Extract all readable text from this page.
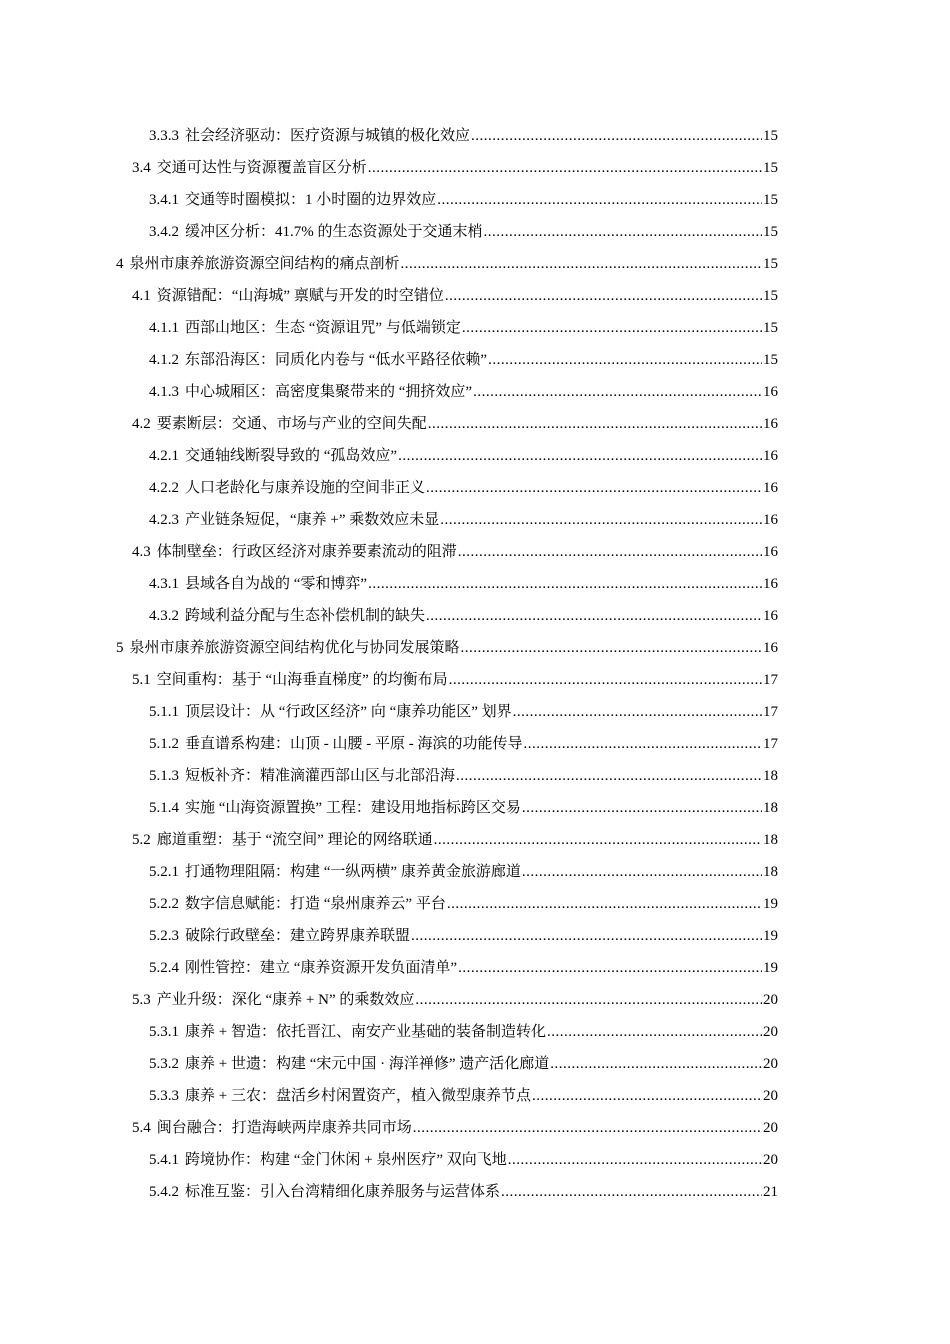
3.3.3 社会经济驱动：医疗资源与城镇的极化效应 .....	15
3.4 交通可达性与资源覆盖盲区分析 .....	15
3.4.1 交通等时圈模拟：1 小时圈的边界效应 .....	15
3.4.2 缓冲区分析：41.7% 的生态资源处于交通末梢 .....	15
4 泉州市康养旅游资源空间结构的痛点剖析 .....	15
4.1 资源错配：“山海城” 禀赋与开发的时空错位 .....	15
4.1.1 西部山地区：生态 “资源诅咒” 与低端锁定 .....	15
4.1.2 东部沿海区：同质化内卷与 “低水平路径依赖” .....	15
4.1.3 中心城厢区：高密度集聚带来的 “拥挤效应” .....	16
4.2 要素断层：交通、市场与产业的空间失配 .....	16
4.2.1 交通轴线断裂导致的 “孤岛效应” .....	16
4.2.2 人口老龄化与康养设施的空间非正义 .....	16
4.2.3 产业链条短促，“康养 +” 乘数效应未显 .....	16
4.3 体制壁垒：行政区经济对康养要素流动的阻滞 .....	16
4.3.1 县域各自为战的 “零和博弈” .....	16
4.3.2 跨域利益分配与生态补偿机制的缺失 .....	16
5 泉州市康养旅游资源空间结构优化与协同发展策略 .....	16
5.1 空间重构：基于 “山海垂直梯度” 的均衡布局 .....	17
5.1.1 顶层设计：从 “行政区经济” 向 “康养功能区” 划界 .....	17
5.1.2 垂直谱系构建：山顶 - 山腰 - 平原 - 海滨的功能传导 .....	17
5.1.3 短板补齐：精准滴灌西部山区与北部沿海 .....	18
5.1.4 实施 “山海资源置换” 工程：建设用地指标跨区交易 .....	18
5.2 廊道重塑：基于 “流空间” 理论的网络联通 .....	18
5.2.1 打通物理阻隔：构建 “一纵两横” 康养黄金旅游廊道 .....	18
5.2.2 数字信息赋能：打造 “泉州康养云” 平台 .....	19
5.2.3 破除行政壁垒：建立跨界康养联盟 .....	19
5.2.4 刚性管控：建立 “康养资源开发负面清单” .....	19
5.3 产业升级：深化 “康养 + N” 的乘数效应 .....	20
5.3.1 康养 + 智造：依托晋江、南安产业基础的装备制造转化 .....	20
5.3.2 康养 + 世遗：构建 “宋元中国 · 海洋禅修” 遗产活化廊道 .....	20
5.3.3 康养 + 三农：盘活乡村闲置资产，植入微型康养节点 .....	20
5.4 闽台融合：打造海峡两岸康养共同市场 .....	20
5.4.1 跨境协作：构建 “金门休闲 + 泉州医疗” 双向飞地 .....	20
5.4.2 标准互鉴：引入台湾精细化康养服务与运营体系 .....	21
